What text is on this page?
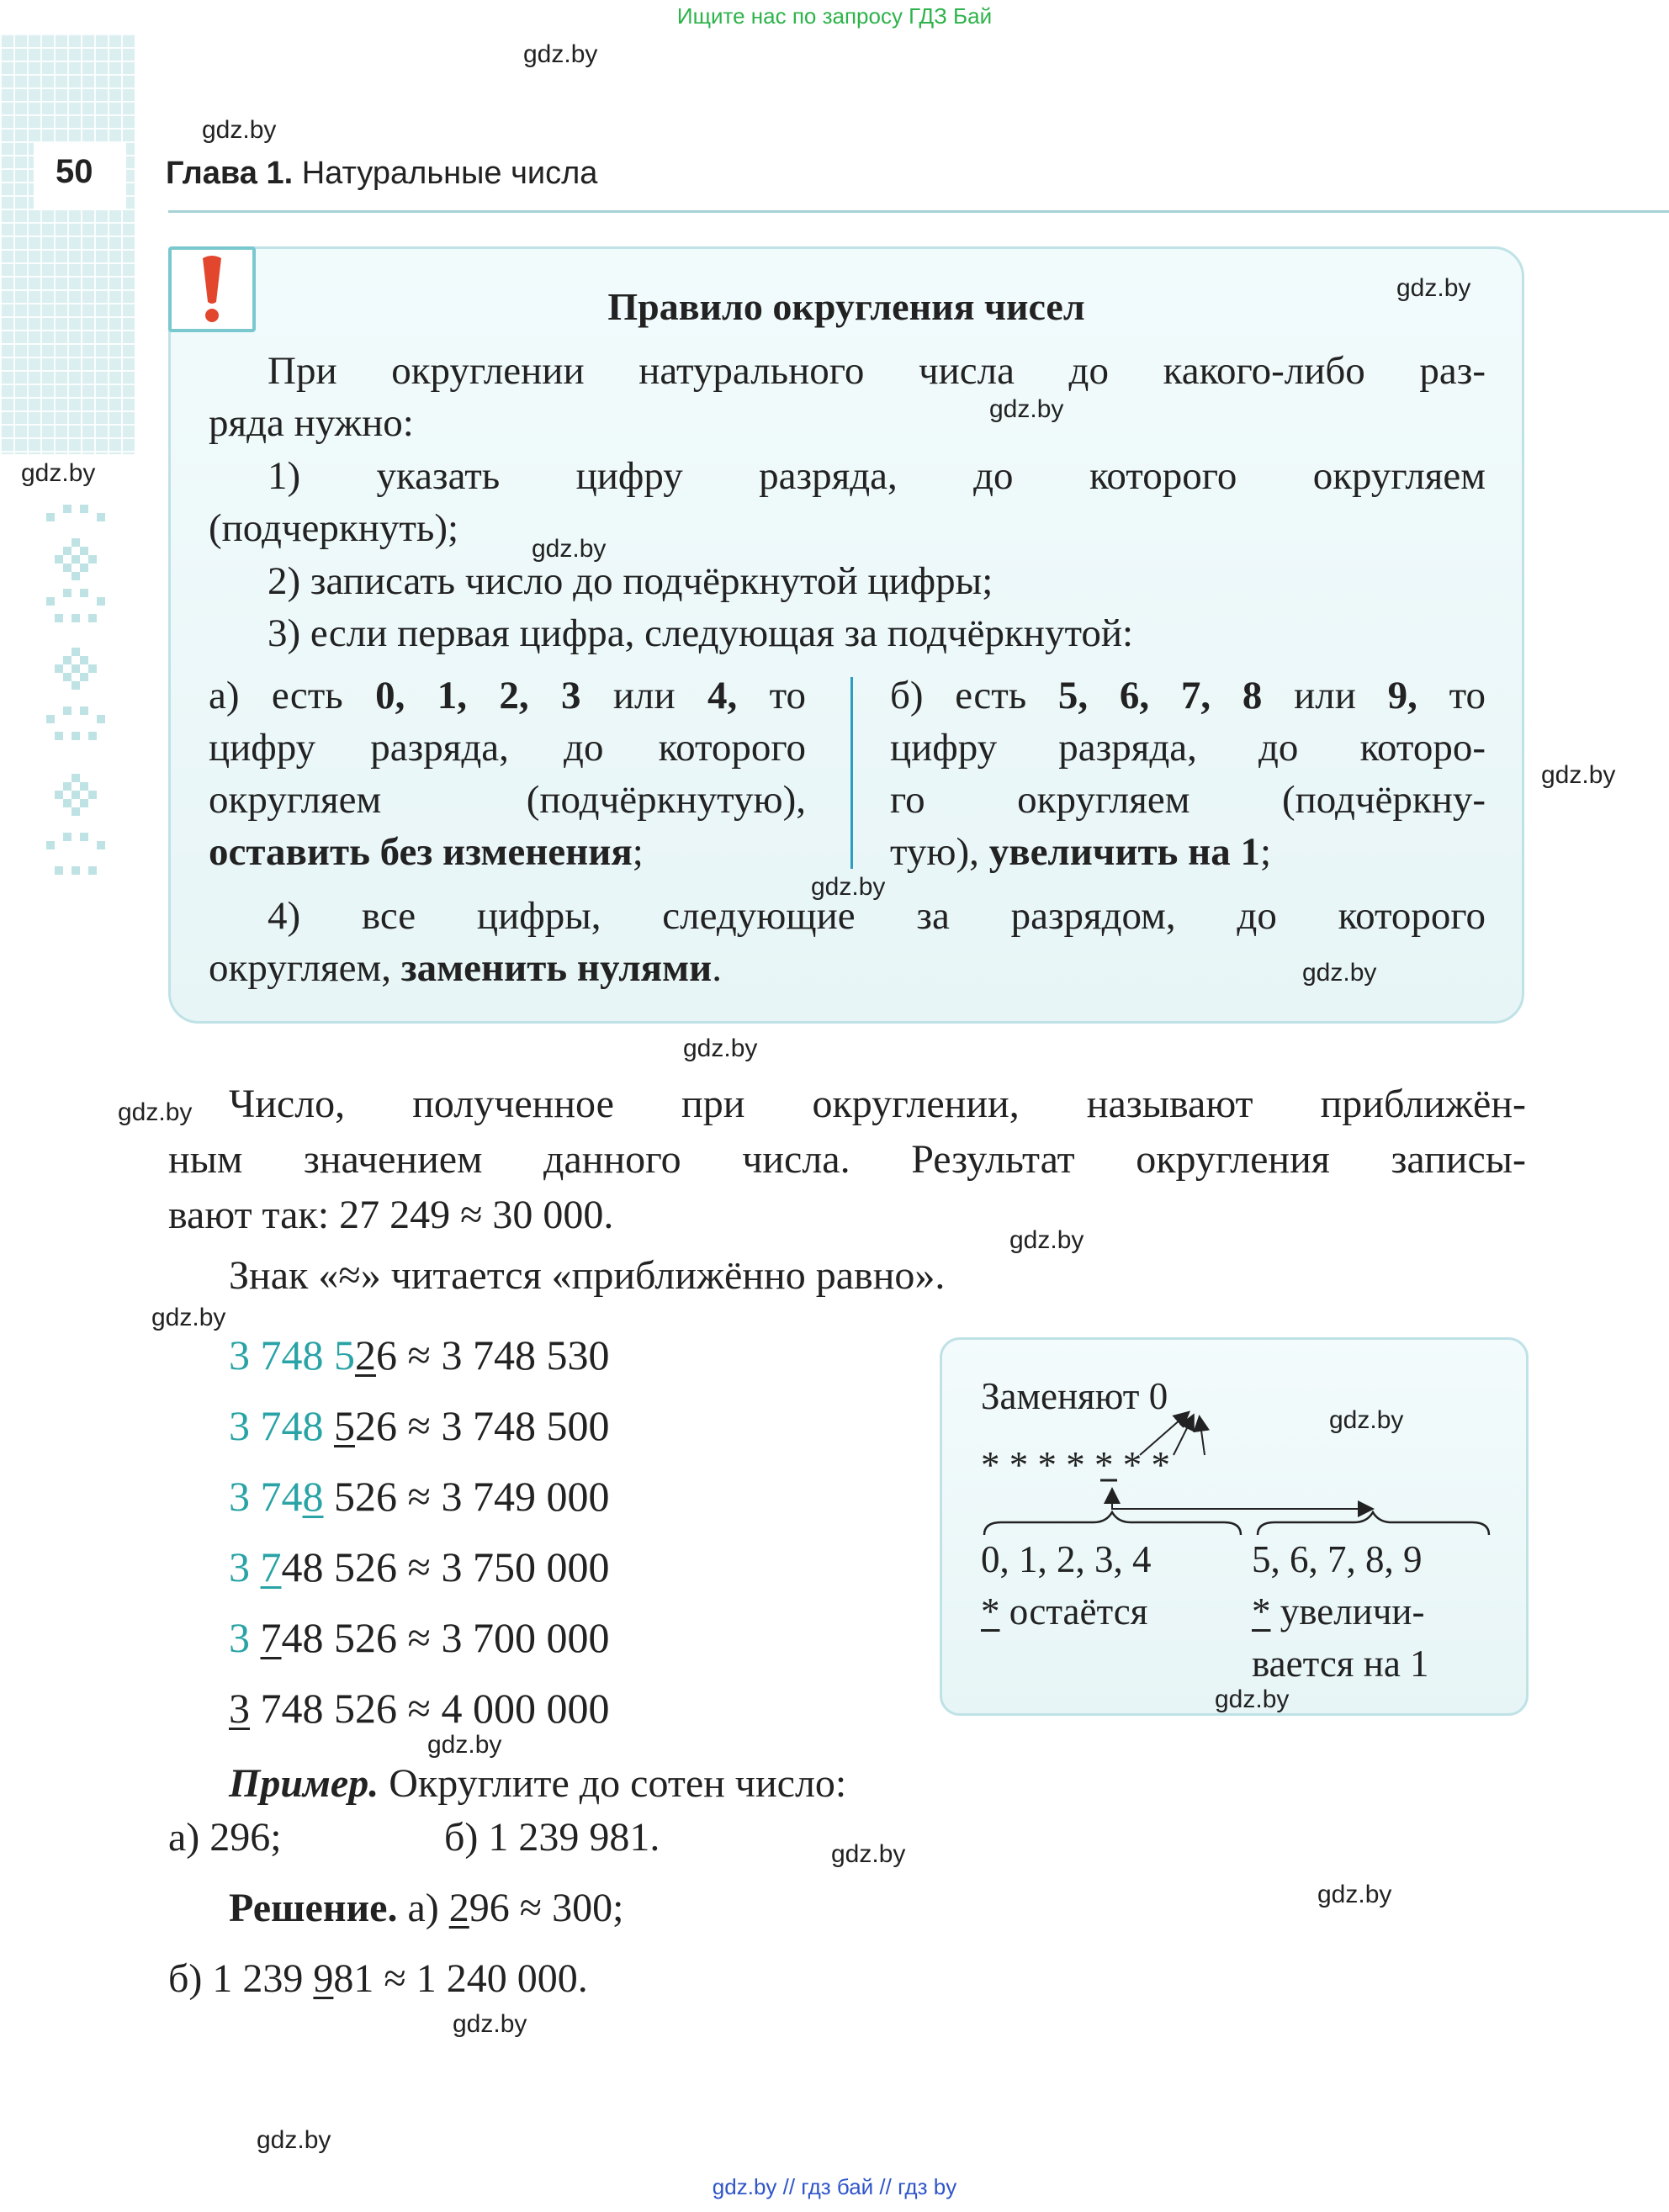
Ищите нас по запросу ГДЗ Бай
gdz.by // гдз бай // гдз by
50 Глава 1. Натуральные числа
Правило округления чисел
При округлении натурального числа до какого-либо раз-
ряда нужно:
1) указать цифру разряда, до которого округляем
(подчеркнуть);
2) записать число до подчёркнутой цифры;
3) если первая цифра, следующая за подчёркнутой:
а) есть 0, 1, 2, 3 или 4, то
цифру разряда, до которого
округляем (подчёркнутую),
оставить без изменения;
б) есть 5, 6, 7, 8 или 9, то
цифру разряда, до которо-
го округляем (подчёркну-
тую), увеличить на 1;
4) все цифры, следующие за разрядом, до которого
округляем, заменить нулями.
Число, полученное при округлении, называют приближён-
ным значением данного числа. Результат округления записы-
вают так: 27 249 ≈ 30 000.
Знак «≈» читается «приближённо равно».
3 748 526 ≈ 3 748 530
3 748 526 ≈ 3 748 500
3 748 526 ≈ 3 749 000
3 748 526 ≈ 3 750 000
3 748 526 ≈ 3 700 000
3 748 526 ≈ 4 000 000
Заменяют 0
* * * * * * *
0, 1, 2, 3, 4
* остаётся
5, 6, 7, 8, 9
* увеличи-
вается на 1
Пример. Округлите до сотен число:
а) 296;	б) 1 239 981.
Решение. а) 296 ≈ 300;
б) 1 239 981 ≈ 1 240 000.
gdz.by
gdz.by
gdz.by
gdz.by
gdz.by
gdz.by
gdz.by
gdz.by
gdz.by
gdz.by
gdz.by
gdz.by
gdz.by
gdz.by
gdz.by
gdz.by
gdz.by
gdz.by
gdz.by
gdz.by
